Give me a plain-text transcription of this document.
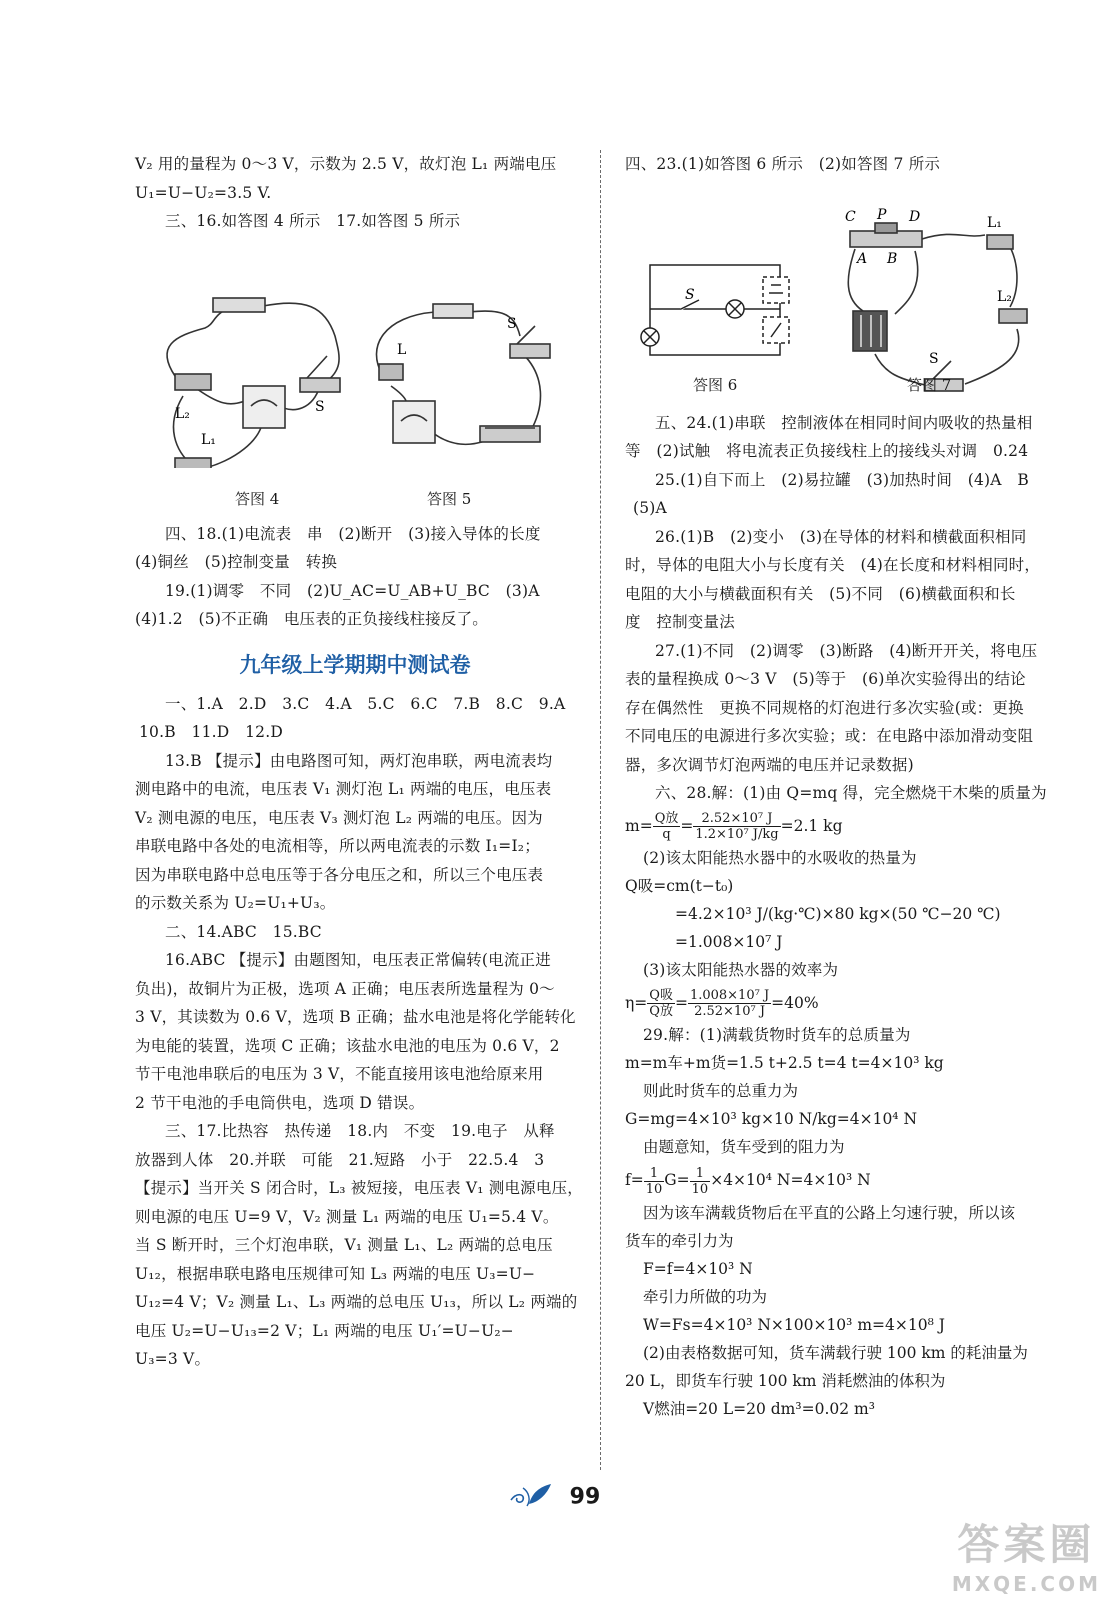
V₂ 用的量程为 0～3 V，示数为 2.5 V，故灯泡 L₁ 两端电压
U₁=U−U₂=3.5 V.
三、16.如答图 4 所示　17.如答图 5 所示
L₂
L₁
S
L
S
答图 4	答图 5
四、18.(1)电流表　串　(2)断开　(3)接入导体的长度
(4)铜丝　(5)控制变量　转换
19.(1)调零　不同　(2)U_AC=U_AB+U_BC　(3)A
(4)1.2　(5)不正确　电压表的正负接线柱接反了。
九年级上学期期中测试卷
一、1.A　2.D　3.C　4.A　5.C　6.C　7.B　8.C　9.A
10.B　11.D　12.D
13.B 【提示】由电路图可知，两灯泡串联，两电流表均
测电路中的电流，电压表 V₁ 测灯泡 L₁ 两端的电压，电压表
V₂ 测电源的电压，电压表 V₃ 测灯泡 L₂ 两端的电压。因为
串联电路中各处的电流相等，所以两电流表的示数 I₁=I₂；
因为串联电路中总电压等于各分电压之和，所以三个电压表
的示数关系为 U₂=U₁+U₃。
二、14.ABC　15.BC
16.ABC 【提示】由题图知，电压表正常偏转(电流正进
负出)，故铜片为正极，选项 A 正确；电压表所选量程为 0～
3 V，其读数为 0.6 V，选项 B 正确；盐水电池是将化学能转化
为电能的装置，选项 C 正确；该盐水电池的电压为 0.6 V，2
节干电池串联后的电压为 3 V，不能直接用该电池给原来用
2 节干电池的手电筒供电，选项 D 错误。
三、17.比热容　热传递　18.内　不变　19.电子　从释
放器到人体　20.并联　可能　21.短路　小于　22.5.4　3
【提示】当开关 S 闭合时，L₃ 被短接，电压表 V₁ 测电源电压，
则电源的电压 U=9 V，V₂ 测量 L₁ 两端的电压 U₁=5.4 V。
当 S 断开时，三个灯泡串联，V₁ 测量 L₁、L₂ 两端的总电压
U₁₂，根据串联电路电压规律可知 L₃ 两端的电压 U₃=U−
U₁₂=4 V；V₂ 测量 L₁、L₃ 两端的总电压 U₁₃，所以 L₂ 两端的
电压 U₂=U−U₁₃=2 V；L₁ 两端的电压 U₁′=U−U₂−
U₃=3 V。
四、23.(1)如答图 6 所示　(2)如答图 7 所示
S
C P D
A B
L₁
L₂
S
答图 6	答图 7
五、24.(1)串联　控制液体在相同时间内吸收的热量相
等　(2)试触　将电流表正负接线柱上的接线头对调　0.24
25.(1)自下而上　(2)易拉罐　(3)加热时间　(4)A　B
(5)A
26.(1)B　(2)变小　(3)在导体的材料和横截面积相同
时，导体的电阻大小与长度有关　(4)在长度和材料相同时，
电阻的大小与横截面积有关　(5)不同　(6)横截面积和长
度　控制变量法
27.(1)不同　(2)调零　(3)断路　(4)断开开关，将电压
表的量程换成 0～3 V　(5)等于　(6)单次实验得出的结论
存在偶然性　更换不同规格的灯泡进行多次实验(或：更换
不同电压的电源进行多次实验；或：在电路中添加滑动变阻
器，多次调节灯泡两端的电压并记录数据)
六、28.解：(1)由 Q=mq 得，完全燃烧干木柴的质量为
$m= \frac{\text{Q放}}{q} = \frac{\text{2.52×10⁷ J}}{\text{1.2×10⁷ J/kg}} =2.1$ kg
(2)该太阳能热水器中的水吸收的热量为
Q吸=cm(t−t₀)
=4.2×10³ J/(kg·℃)×80 kg×(50 ℃−20 ℃)
=1.008×10⁷ J
(3)该太阳能热水器的效率为
$\eta= \frac{\text{Q吸}}{\text{Q放}} = \frac{\text{1.008×10⁷ J}}{\text{2.52×10⁷ J}} =40\%$
29.解：(1)满载货物时货车的总质量为
m=m车+m货=1.5 t+2.5 t=4 t=4×10³ kg
则此时货车的总重力为
G=mg=4×10³ kg×10 N/kg=4×10⁴ N
由题意知，货车受到的阻力为
$f= \frac{1}{10} G= \frac{1}{10} \times 4\times 10^4$ N=4×10³ N
因为该车满载货物后在平直的公路上匀速行驶，所以该
货车的牵引力为
F=f=4×10³ N
牵引力所做的功为
W=Fs=4×10³ N×100×10³ m=4×10⁸ J
(2)由表格数据可知，货车满载行驶 100 km 的耗油量为
20 L，即货车行驶 100 km 消耗燃油的体积为
V燃油=20 L=20 dm³=0.02 m³
99
答案圈
MXQE.COM
